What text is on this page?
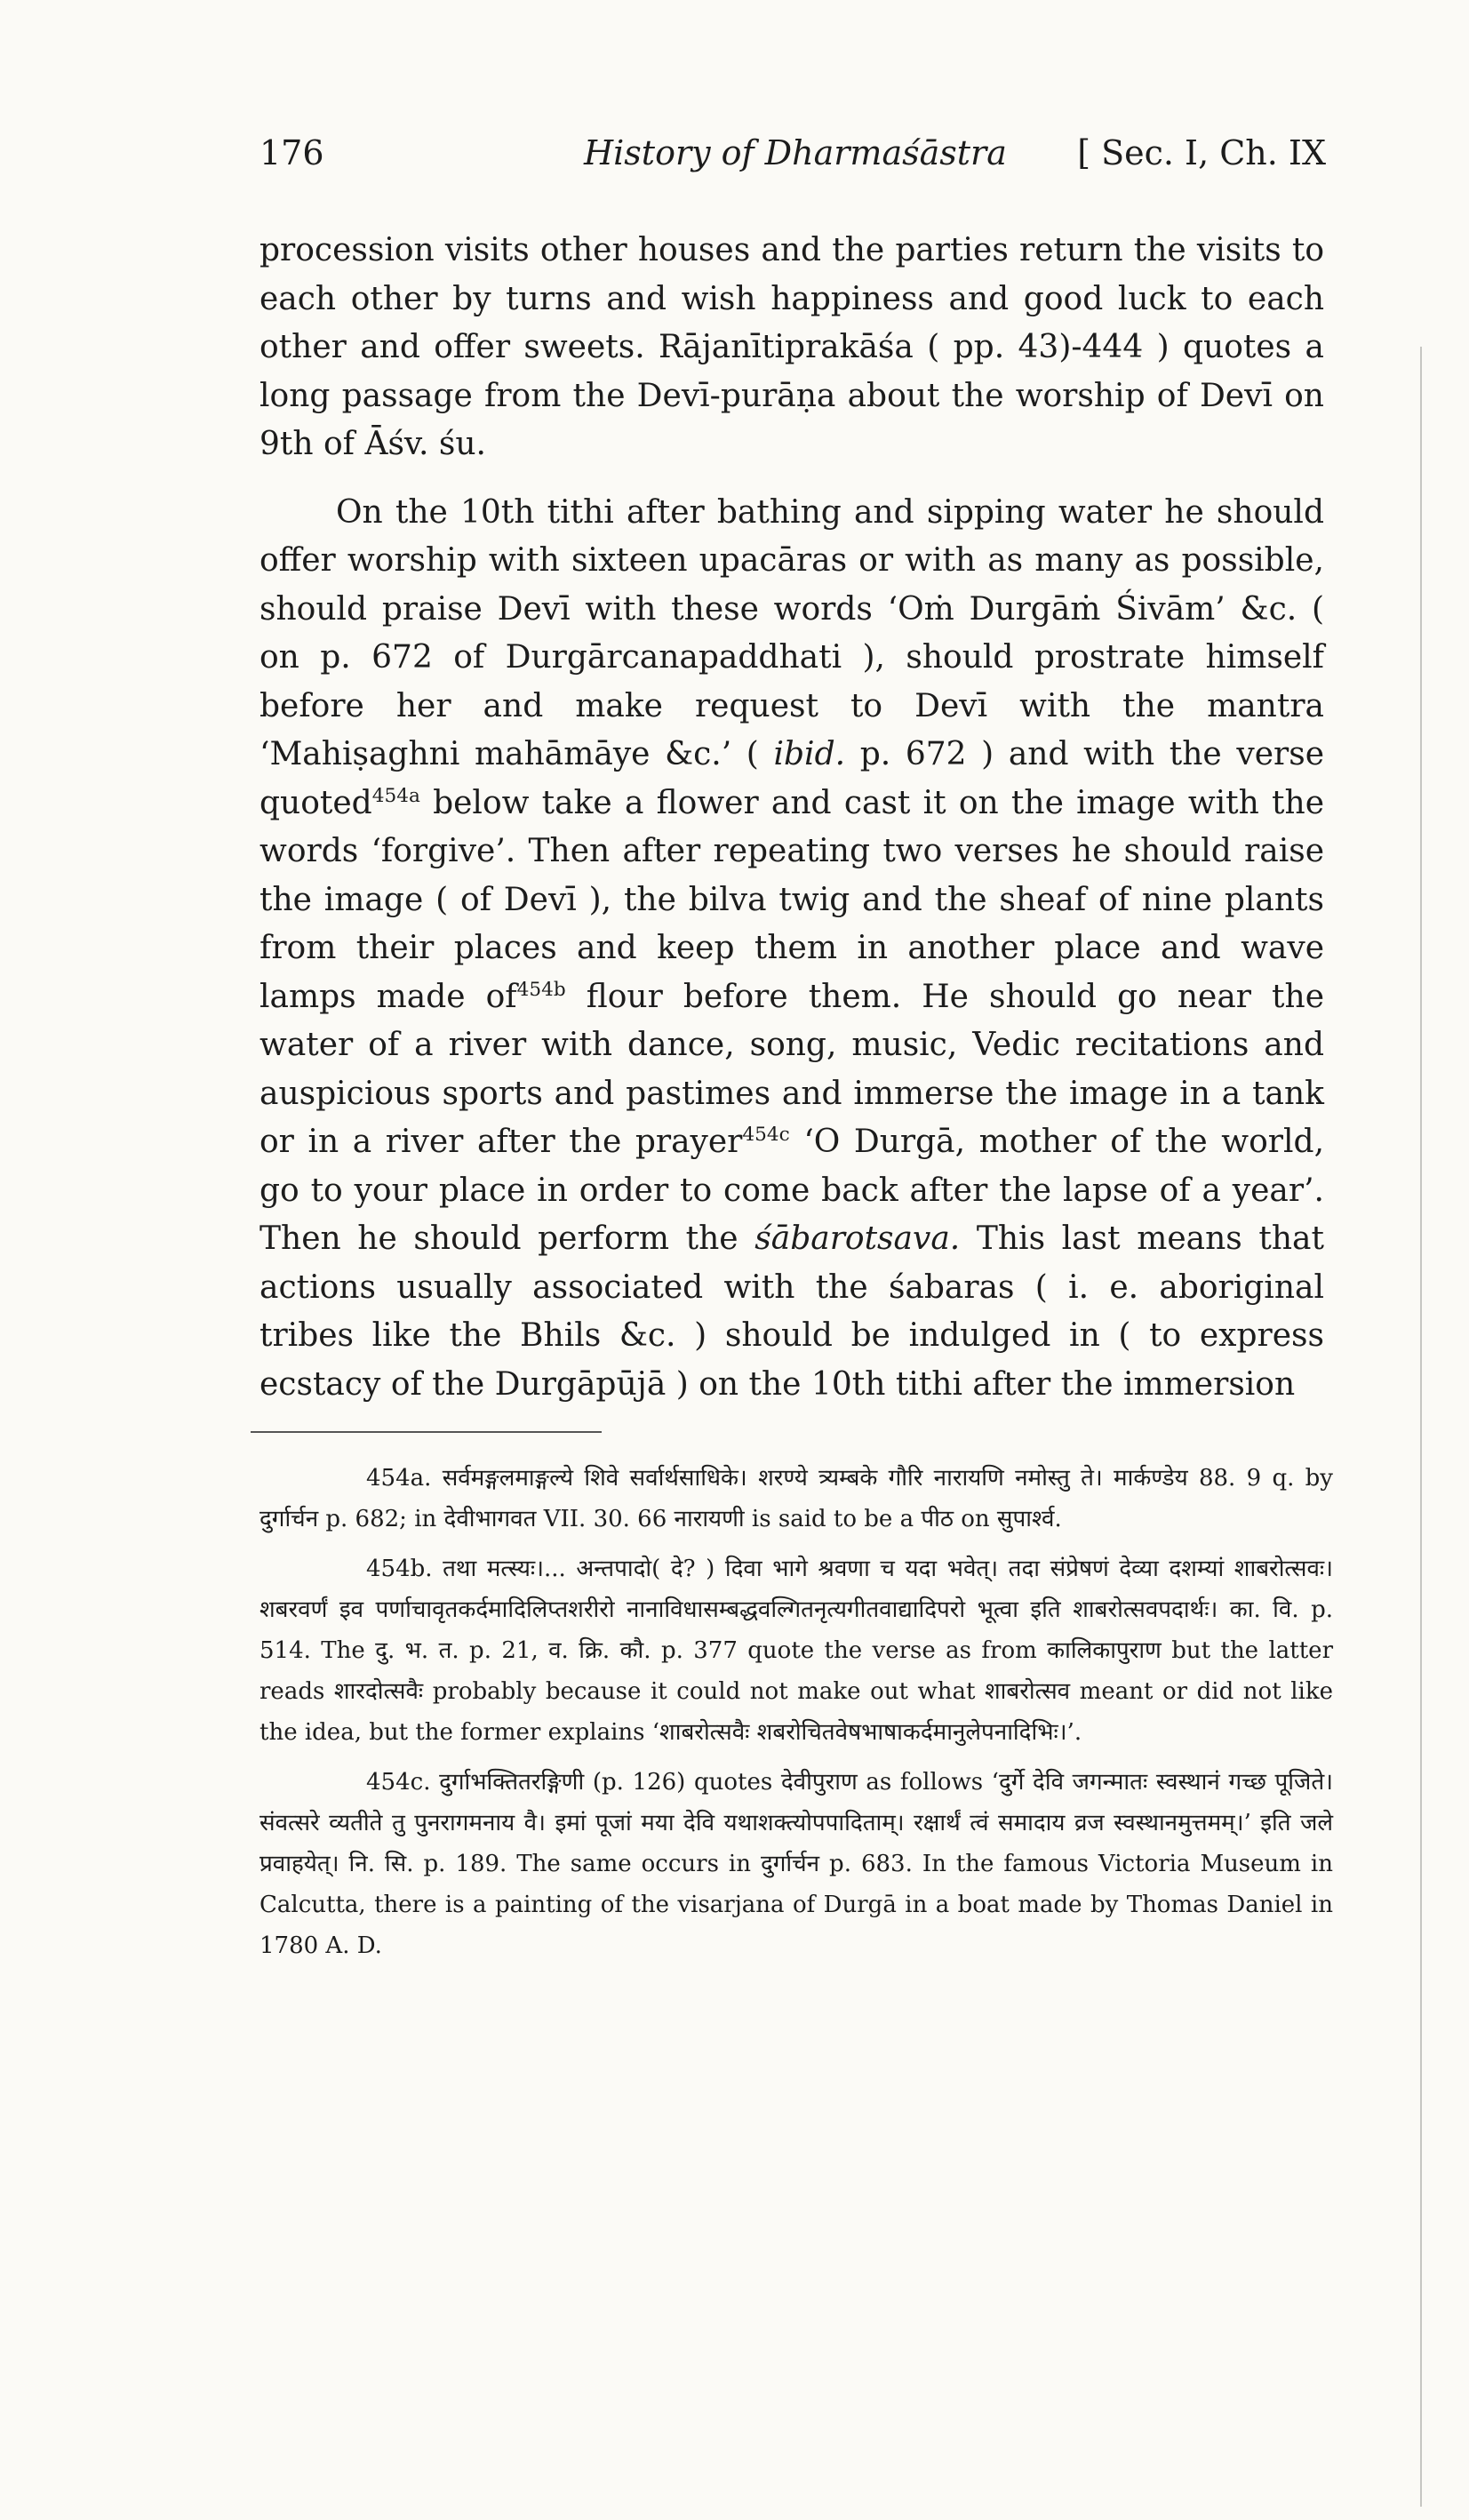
176	History of Dharmaśāstra [ Sec. I, Ch. IX

procession visits other houses and the parties return the visits to each other by turns and wish happiness and good luck to each other and offer sweets. Rājanītiprakāśa ( pp. 43)-444 ) quotes a long passage from the Devī-purāṇa about the worship of Devī on 9th of Āśv. śu.

On the 10th tithi after bathing and sipping water he should offer worship with sixteen upacāras or with as many as possible, should praise Devī with these words ‘Oṁ Durgāṁ Śivām’ &c. ( on p. 672 of Durgārcanapaddhati ), should prostrate himself before her and make request to Devī with the mantra ‘Mahiṣaghni mahāmāye &c.’ ( ibid. p. 672 ) and with the verse quoted$^{454a}$ below take a flower and cast it on the image with the words ‘forgive’. Then after repeating two verses he should raise the image ( of Devī ), the bilva twig and the sheaf of nine plants from their places and keep them in another place and wave lamps made $of^{454b}$ flour before them. He should go near the water of a river with dance, song, music, Vedic recitations and auspicious sports and pastimes and immerse the image in a tank or in a river after the prayer$^{454c}$ ‘O Durgā, mother of the world, go to your place in order to come back after the lapse of a year’. Then he should perform the śābarotsava. This last means that actions usually associated with the śabaras ( i. e. aboriginal tribes like the Bhils &c. ) should be indulged in ( to express ecstacy of the Durgāpūjā ) on the 10th tithi after the immersion

454a. सर्वमङ्गलमाङ्गल्ये शिवे सर्वार्थसाधिके। शरण्ये त्र्यम्बके गौरि नारायणि नमोस्तु ते। मार्कण्डेय 88. 9 q. by दुर्गार्चन p. 682; in देवीभागवत VII. 30. 66 नारायणी is said to be a पीठ on सुपार्श्व.

454b. तथा मत्स्यः।... अन्तपादो( दे? ) दिवा भागे श्रवणा च यदा भवेत्। तदा संप्रेषणं देव्या दशम्यां शाबरोत्सवः। शबरवर्णं इव पर्णाचावृतकर्दमादिलिप्तशरीरो नानाविधासम्बद्धवल्गितनृत्यगीतवाद्यादिपरो भूत्वा इति शाबरोत्सवपदार्थः। का. वि. p. 514. The दु. भ. त. p. 21, व. क्रि. कौ. p. 377 quote the verse as from कालिकापुराण but the latter reads शारदोत्सवैः probably because it could not make out what शाबरोत्सव meant or did not like the idea, but the former explains ‘शाबरोत्सवैः शबरोचितवेषभाषाकर्दमानुलेपनादिभिः।’.

454c. दुर्गाभक्तितरङ्गिणी (p. 126) quotes देवीपुराण as follows ‘दुर्गे देवि जगन्मातः स्वस्थानं गच्छ पूजिते। संवत्सरे व्यतीते तु पुनरागमनाय वै। इमां पूजां मया देवि यथाशक्त्योपपादिताम्। रक्षार्थं त्वं समादाय व्रज स्वस्थानमुत्तमम्।’ इति जले प्रवाहयेत्। नि. सि. p. 189. The same occurs in दुर्गार्चन p. 683. In the famous Victoria Museum in Calcutta, there is a painting of the visarjana of Durgā in a boat made by Thomas Daniel in 1780 A. D.
